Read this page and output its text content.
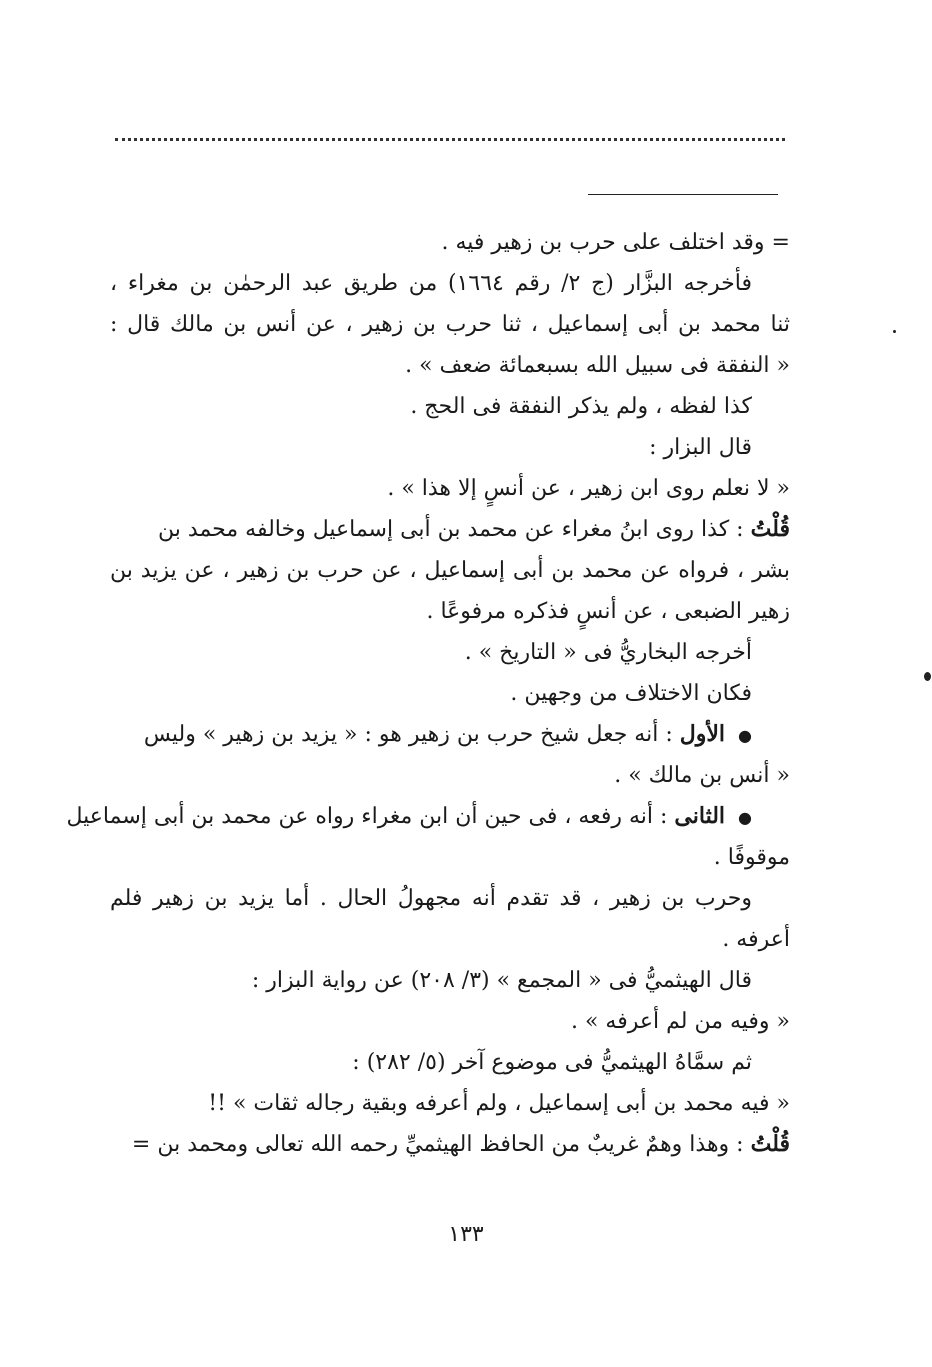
= وقد اختلف على حرب بن زهير فيه .
فأخرجه البزَّار (ج ٢/ رقم ١٦٦٤) من طريق عبد الرحمٰن بن مغراء ،
ثنا محمد بن أبى إسماعيل ، ثنا حرب بن زهير ، عن أنس بن مالك قال :
« النفقة فى سبيل الله بسبعمائة ضعف » .
كذا لفظه ، ولم يذكر النفقة فى الحج .
قال البزار :
« لا نعلم روى ابن زهير ، عن أنسٍ إلا هذا » .
قُلْتُ : كذا روى ابنُ مغراء عن محمد بن أبى إسماعيل وخالفه محمد بن
بشر ، فرواه عن محمد بن أبى إسماعيل ، عن حرب بن زهير ، عن يزيد بن
زهير الضبعى ، عن أنسٍ فذكره مرفوعًا .
أخرجه البخاريُّ فى « التاريخ » .
فكان الاختلاف من وجهين .
● الأول : أنه جعل شيخ حرب بن زهير هو : « يزيد بن زهير » وليس
« أنس بن مالك » .
● الثانى : أنه رفعه ، فى حين أن ابن مغراء رواه عن محمد بن أبى إسماعيل
موقوفًا .
وحرب بن زهير ، قد تقدم أنه مجهولُ الحال . أما يزيد بن زهير فلم
أعرفه .
قال الهيثميُّ فى « المجمع » (٣/ ٢٠٨) عن رواية البزار :
« وفيه من لم أعرفه » .
ثم سمَّاهُ الهيثميُّ فى موضوع آخر (٥/ ٢٨٢) :
« فيه محمد بن أبى إسماعيل ، ولم أعرفه وبقية رجاله ثقات » !!
قُلْتُ : وهذا وهمٌ غريبٌ من الحافظ الهيثميِّ رحمه الله تعالى ومحمد بن =
١٣٣
